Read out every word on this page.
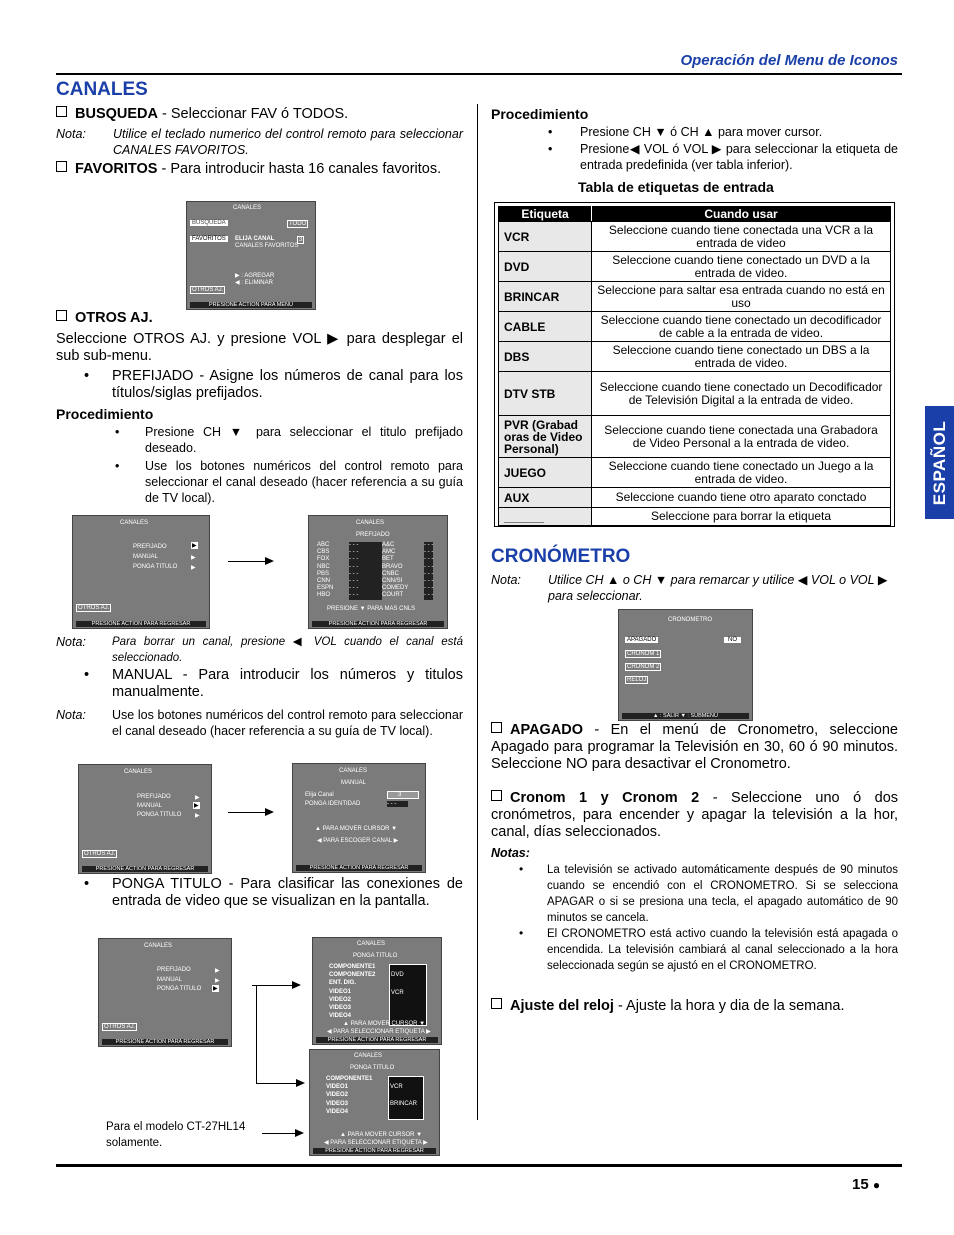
Operación del Menu de Iconos
ESPAÑOL
CANALES
BUSQUEDA - Seleccionar FAV ó TODOS.
Nota:	Utilice el teclado numerico del control remoto para seleccionar CANALES FAVORITOS.
FAVORITOS - Para introducir hasta 16 canales favoritos.
CANALES
BUSQUEDA	TODO
FAVORITOS	ELIJA CANAL	3
CANALES FAVORITOS
▶ : AGREGAR
◀ : ELIMINAR
OTROS AJ.
PRESIONE ACTION PARA MENU
OTROS AJ.
Seleccione OTROS AJ. y presione VOL ▶ para desplegar el sub sub-menu.
• PREFIJADO - Asigne los números de canal para los títulos/siglas prefijados.
Procedimiento
• Presione CH ▼ para seleccionar el titulo prefijado deseado.
• Use los botones numéricos del control remoto para seleccionar el canal deseado (hacer referencia a su guía de TV local).
CANALES
PREFIJADO	▶
MANUAL	▶
PONGA TITULO ▶
OTROS AJ.
PRESIONE ACTION PARA REGRESAR
CANALES
PREFIJADO
ABC	- - -	A&C	- - -
CBS	- - -	AMC	- - -
FOX	- - -	BET	- - -
NBC	- - -	BRAVO	- - -
PBS	- - -	CNBC	- - -
CNN	- - -	CNN/SI	- - -
ESPN	- - -	COMEDY	- - -
HBO	- - -	COURT	- - -
PRESIONE ▼ PARA MAS CNLS
PRESIONE ACTION PARA REGRESAR
Nota: Para borrar un canal, presione ◀ VOL cuando el canal está seleccionado.
• MANUAL - Para introducir los números y titulos manualmente.
Nota: Use los botones numéricos del control remoto para seleccionar el canal deseado (hacer referencia a su guía de TV local).
CANALES
PREFIJADO	▶
MANUAL	▶
PONGA TITULO ▶
OTROS AJ.
PRESIONE ACTION PARA REGRESAR
CANALES
MANUAL
Elija Canal	3
PONGA IDENTIDAD	- - -
▲ PARA MOVER CURSOR ▼
◀ PARA ESCOGER CANAL ▶
PRESIONE ACTION PARA REGRESAR
• PONGA TITULO - Para clasificar las conexiones de entrada de video que se visualizan en la pantalla.
CANALES
PREFIJADO	▶
MANUAL	▶
PONGA TITULO ▶
OTROS AJ.
PRESIONE ACTION PARA REGRESAR
CANALES
PONGA TITULO
COMPONENTE1
COMPONENTE2
ENT. DIG.
VIDEO1
VIDEO2
VIDEO3
VIDEO4
DVD
VCR
▲ PARA MOVER CURSOR ▼
◀ PARA SELECCIONAR ETIQUETA ▶
PRESIONE ACTION PARA REGRESAR
CANALES
PONGA TITULO
COMPONENTE1
VIDEO1
VIDEO2
VIDEO3
VIDEO4
VCR
BRINCAR
▲ PARA MOVER CURSOR ▼
◀ PARA SELECCIONAR ETIQUETA ▶
PRESIONE ACTION PARA REGRESAR
Para el modelo CT-27HL14 solamente.
Procedimiento
• Presione CH ▼ ó CH ▲ para mover cursor.
• Presione◀ VOL ó VOL ▶ para seleccionar la etiqueta de entrada predefinida (ver tabla inferior).
Tabla de etiquetas de entrada
Etiqueta	Cuando usar
VCR	Seleccione cuando tiene conectada una VCR a la entrada de video
DVD	Seleccione cuando tiene conectado un DVD a la entrada de video.
BRINCAR	Seleccione para saltar esa entrada cuando no está en uso
CABLE	Seleccione cuando tiene conectado un decodificador de cable a la entrada de video.
DBS	Seleccione cuando tiene conectado un DBS a la entrada de video.
DTV STB	Seleccione cuando tiene conectado un Decodificador de Televisión Digital a la entrada de video.
PVR (Grabad oras de Video Personal)	Seleccione cuando tiene conectada una Grabadora de Video Personal a la entrada de video.
JUEGO	Seleccione cuando tiene conectado un Juego a la entrada de video.
AUX	Seleccione cuando tiene otro aparato conctado
______	Seleccione para borrar la etiqueta
CRONÓMETRO
Nota: Utilice CH ▲ o CH ▼ para remarcar y utilice ◀ VOL o VOL ▶ para seleccionar.
CRONOMETRO
APAGADO	NO
CRONOM 1
CRONOM 2
RELOJ
▲ : SALIR ▼ : SUBMENU
APAGADO - En el menú de Cronometro, seleccione Apagado para programar la Televisión en 30, 60 ó 90 minutos. Seleccione NO para desactivar el Cronometro.
Cronom 1 y Cronom 2 - Seleccione uno ó dos cronómetros, para encender y apagar la televisión a la hor, canal, días seleccionados.
Notas:
• La televisión se activado automáticamente después de 90 minutos cuando se encendió con el CRONOMETRO. Si se selecciona APAGAR o si se presiona una tecla, el apagado automático de 90 minutos se cancela.
• El CRONOMETRO está activo cuando la televisión está apagada o encendida. La televisión cambiará al canal seleccionado a la hora seleccionada según se ajustó en el CRONOMETRO.
Ajuste del reloj - Ajuste la hora y dia de la semana.
15 ●
